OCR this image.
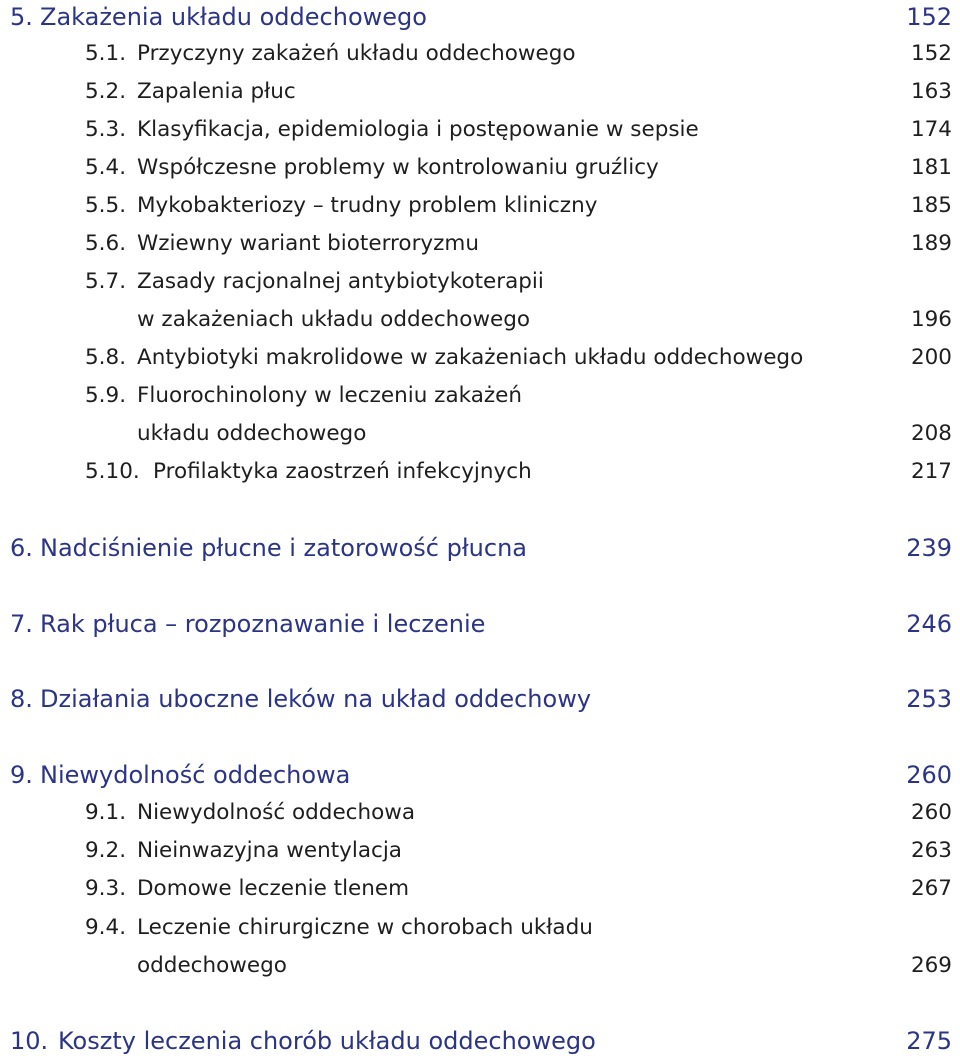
5. Zakażenia układu oddechowego	152
5.1. Przyczyny zakażeń układu oddechowego	152
5.2. Zapalenia płuc	163
5.3. Klasyfikacja, epidemiologia i postępowanie w sepsie	174
5.4. Współczesne problemy w kontrolowaniu gruźlicy	181
5.5. Mykobakteriozy – trudny problem kliniczny	185
5.6. Wziewny wariant bioterroryzmu	189
5.7. Zasady racjonalnej antybiotykoterapii
w zakażeniach układu oddechowego	196
5.8. Antybiotyki makrolidowe w zakażeniach układu oddechowego	200
5.9. Fluorochinolony w leczeniu zakażeń
układu oddechowego	208
5.10. Profilaktyka zaostrzeń infekcyjnych	217
6. Nadciśnienie płucne i zatorowość płucna	239
7. Rak płuca – rozpoznawanie i leczenie	246
8. Działania uboczne leków na układ oddechowy	253
9. Niewydolność oddechowa	260
9.1. Niewydolność oddechowa	260
9.2. Nieinwazyjna wentylacja	263
9.3. Domowe leczenie tlenem	267
9.4. Leczenie chirurgiczne w chorobach układu
oddechowego	269
10. Koszty leczenia chorób układu oddechowego	275
